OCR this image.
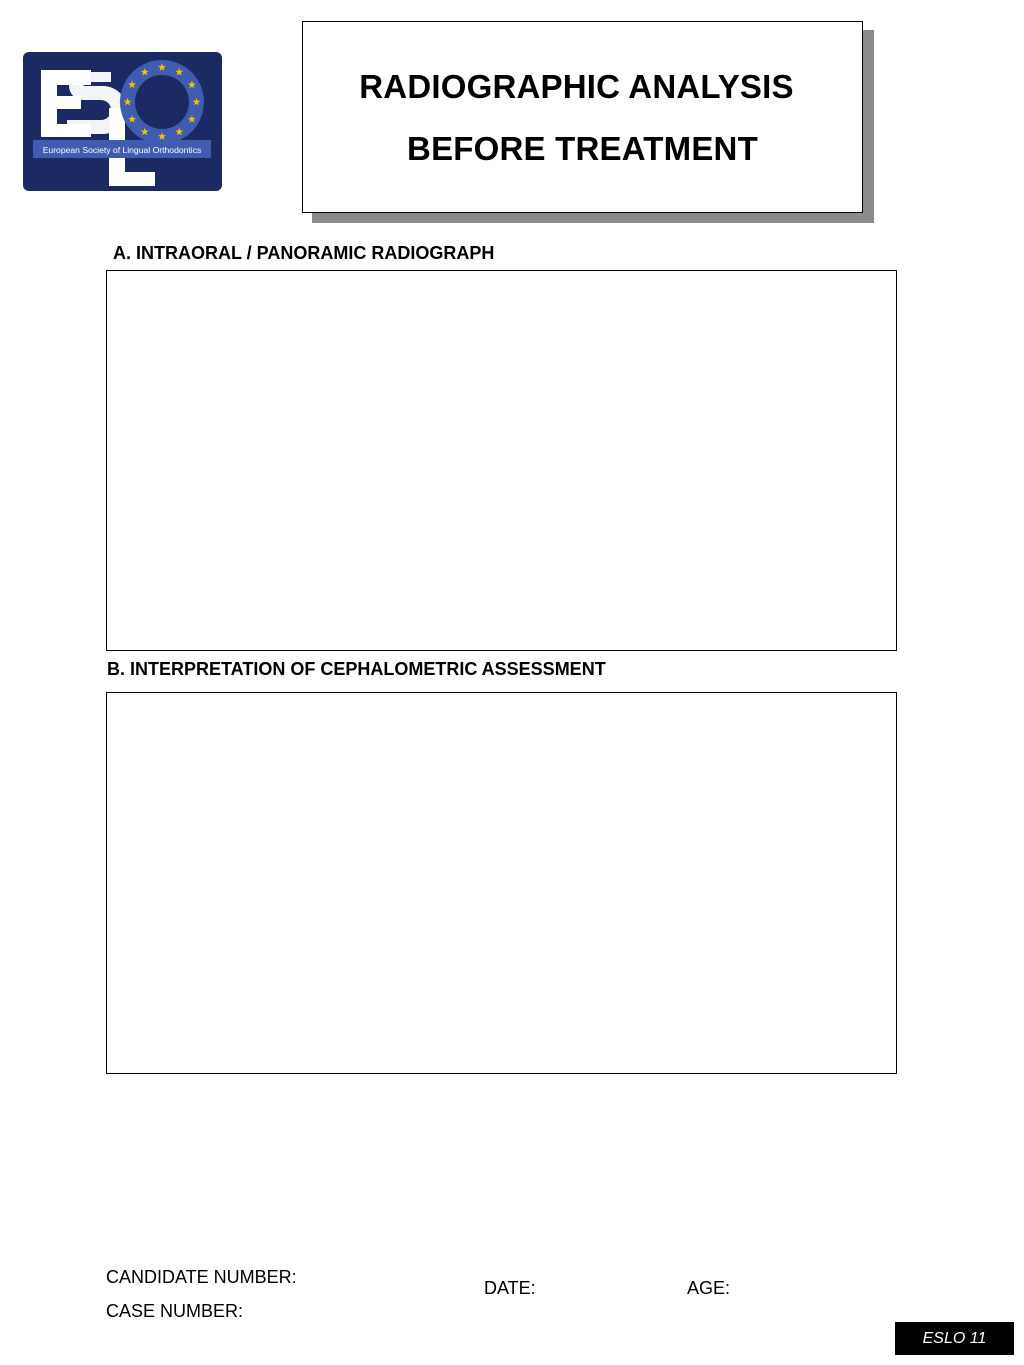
European Society of Lingual Orthodontics
RADIOGRAPHIC ANALYSIS
BEFORE TREATMENT
A. INTRAORAL / PANORAMIC RADIOGRAPH
B. INTERPRETATION OF CEPHALOMETRIC ASSESSMENT
CANDIDATE NUMBER:
CASE NUMBER:
DATE:	AGE:
ESLO 11
